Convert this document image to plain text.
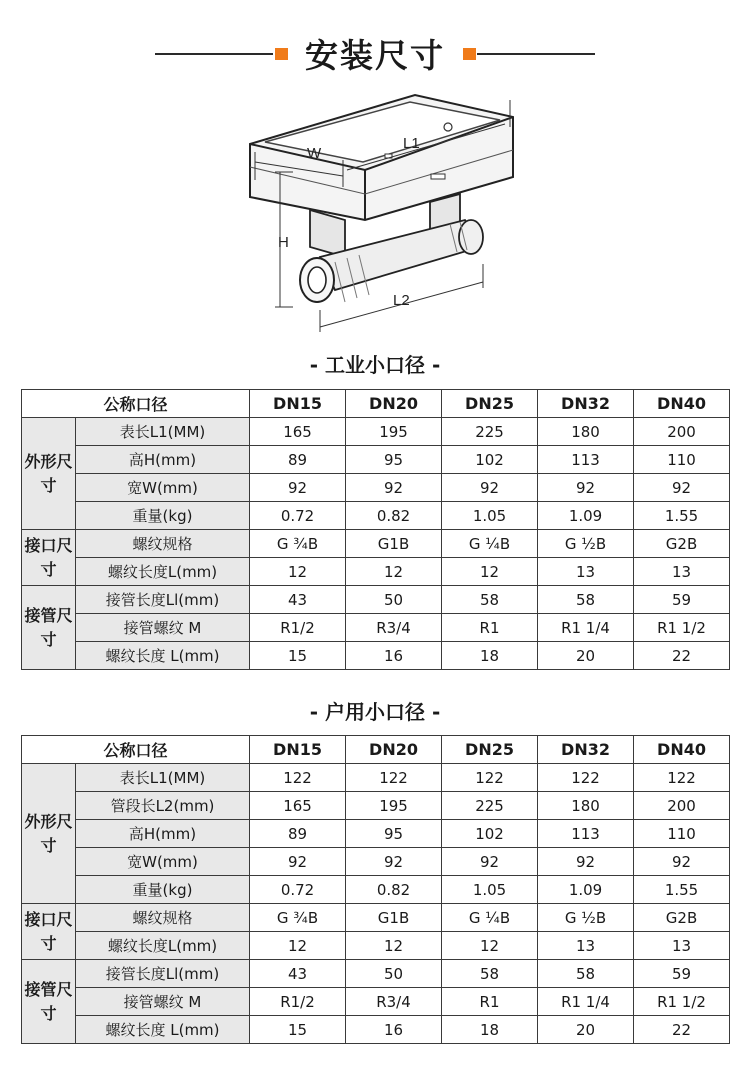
安装尺寸
W
L1
H
L2
- 工业小口径 -
公称口径		DN15	DN20	DN25	DN32	DN40
外形尺寸	表长L1(MM)	165	195	225	180	200
	高H(mm)	89	95	102	113	110
	宽W(mm)	92	92	92	92	92
	重量(kg)	0.72	0.82	1.05	1.09	1.55
接口尺寸	螺纹规格	G ¾B	G1B	G ¼B	G ½B	G2B
	螺纹长度L(mm)	12	12	12	13	13
接管尺寸	接管长度Ll(mm)	43	50	58	58	59
	接管螺纹 M	R1/2	R3/4	R1	R1 1/4	R1 1/2
	螺纹长度 L(mm)	15	16	18	20	22
- 户用小口径 -
公称口径		DN15	DN20	DN25	DN32	DN40
外形尺寸	表长L1(MM)	122	122	122	122	122
	管段长L2(mm)	165	195	225	180	200
	高H(mm)	89	95	102	113	110
	宽W(mm)	92	92	92	92	92
	重量(kg)	0.72	0.82	1.05	1.09	1.55
接口尺寸	螺纹规格	G ¾B	G1B	G ¼B	G ½B	G2B
	螺纹长度L(mm)	12	12	12	13	13
接管尺寸	接管长度Ll(mm)	43	50	58	58	59
	接管螺纹 M	R1/2	R3/4	R1	R1 1/4	R1 1/2
	螺纹长度 L(mm)	15	16	18	20	22
